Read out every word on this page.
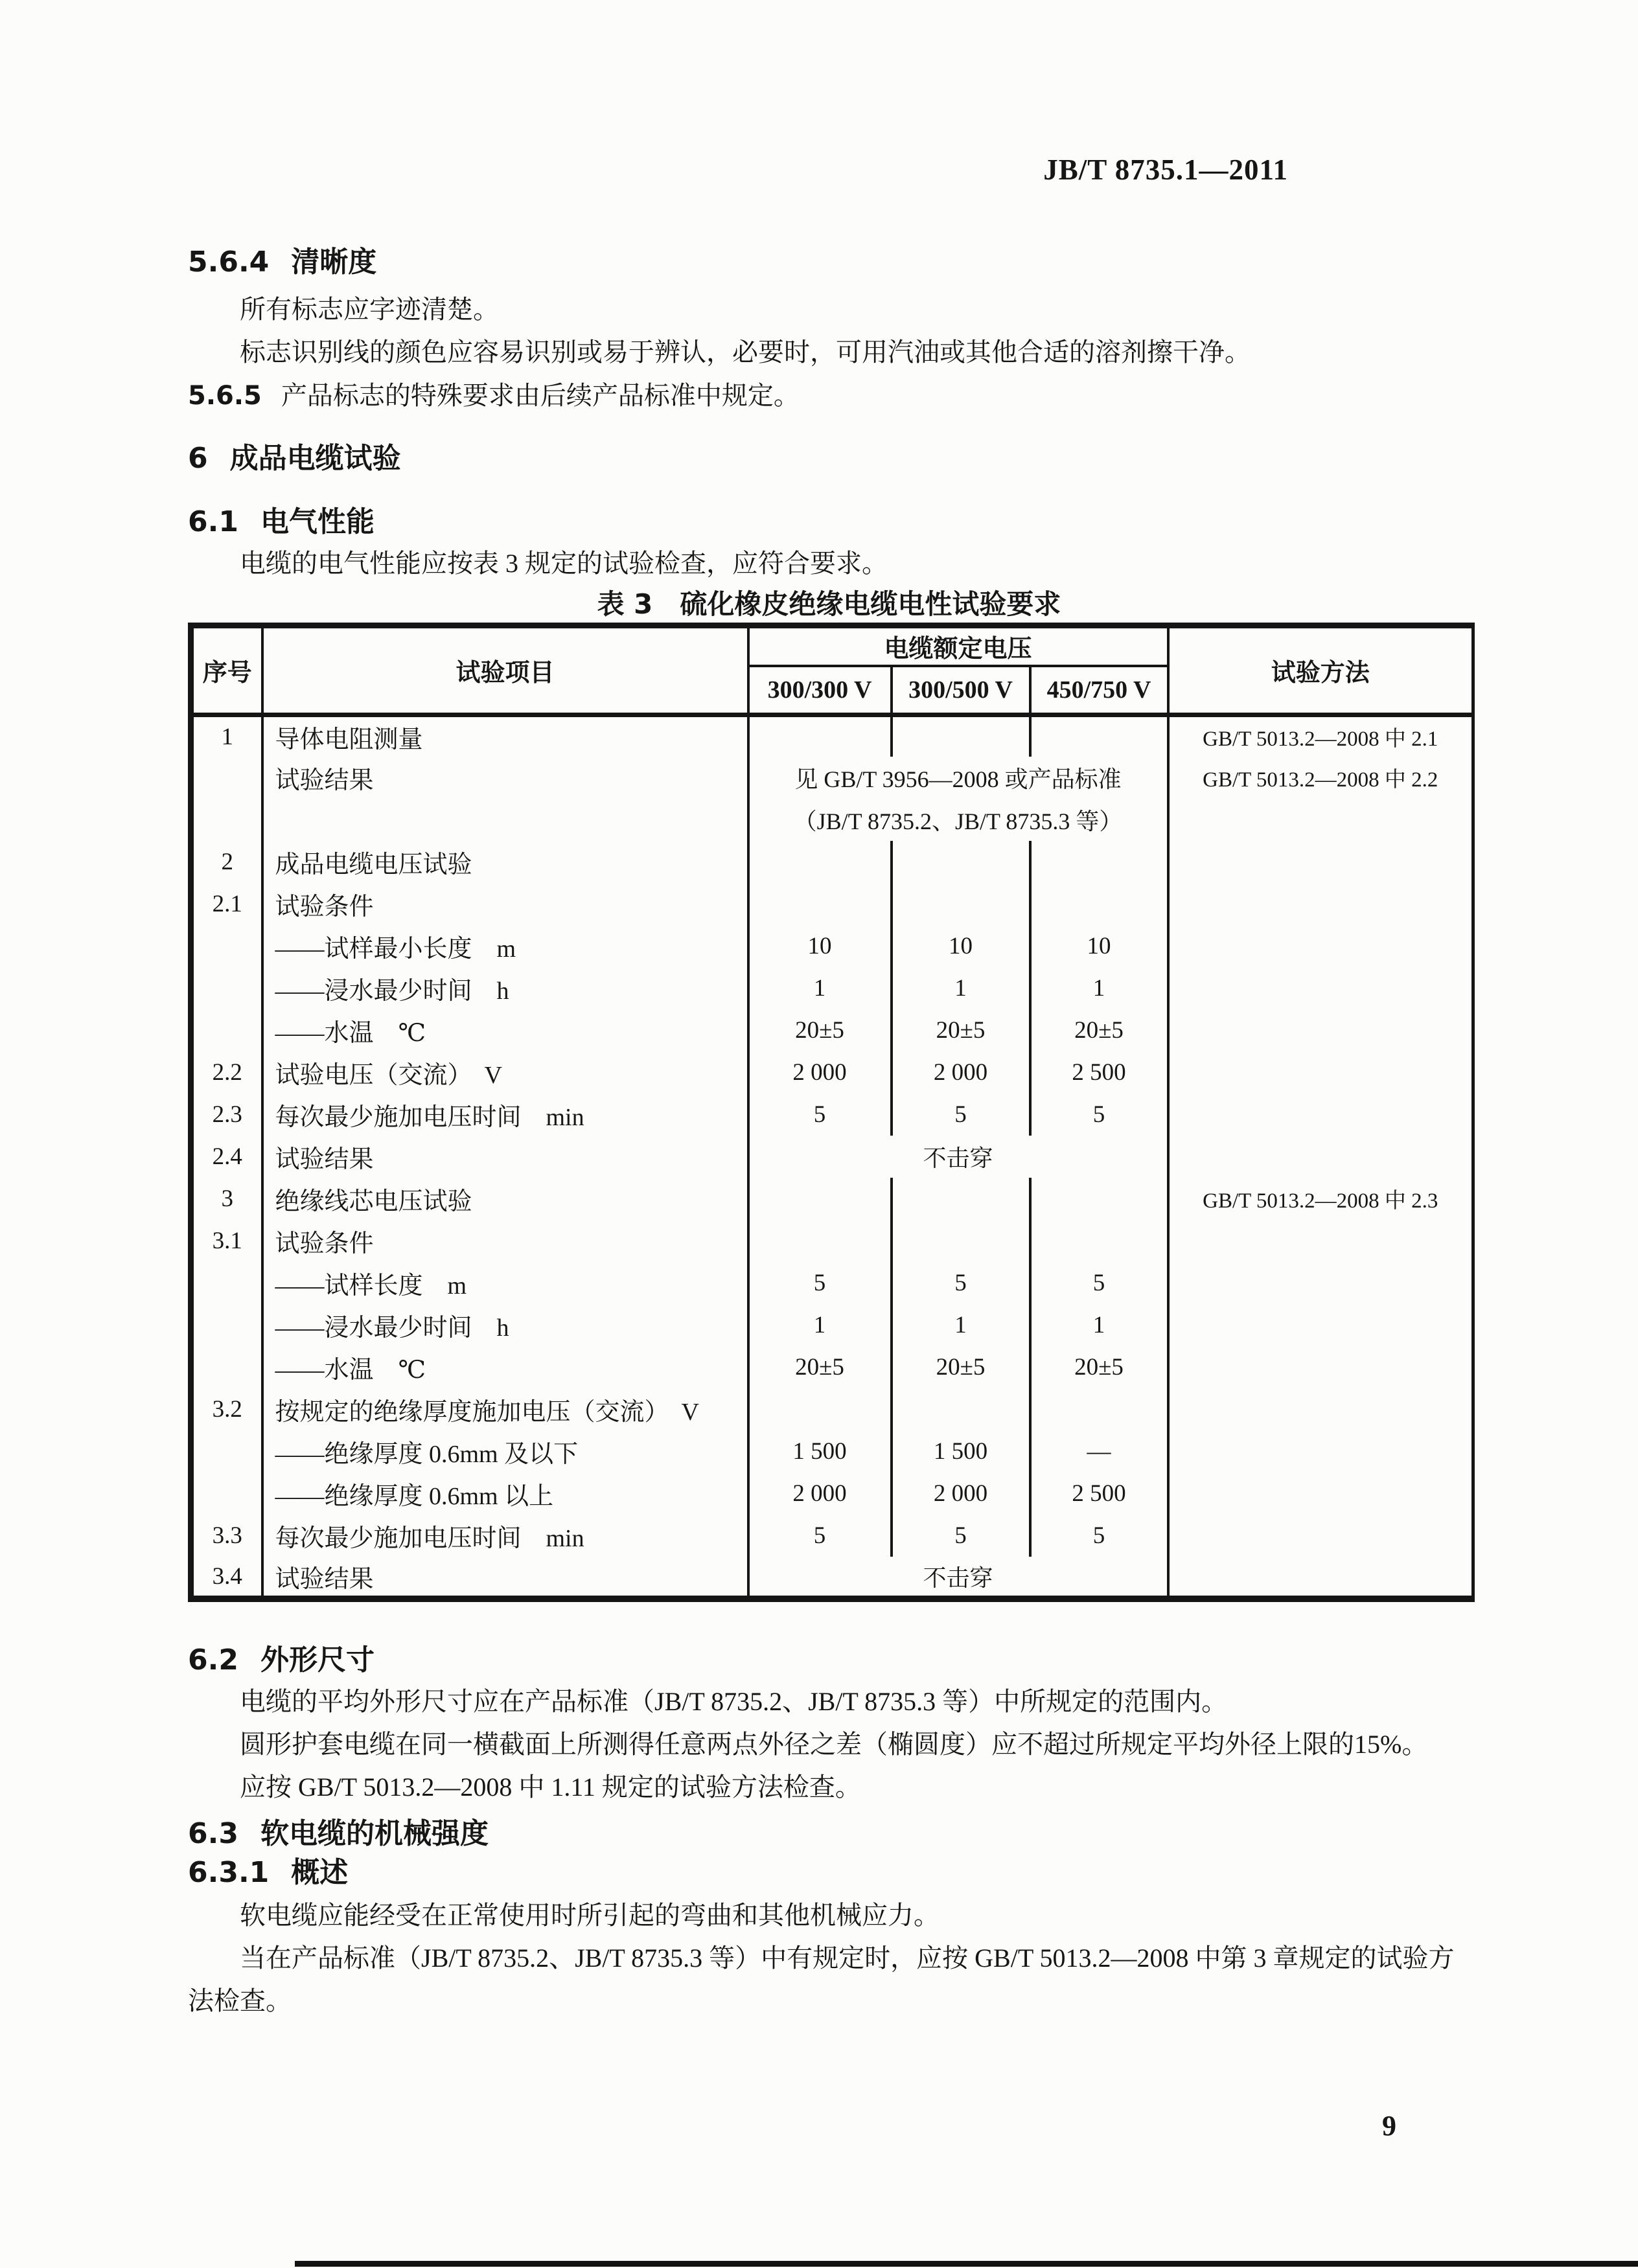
JB/T 8735.1—2011
5.6.4 清晰度

所有标志应字迹清楚。

标志识别线的颜色应容易识别或易于辨认，必要时，可用汽油或其他合适的溶剂擦干净。

5.6.5 产品标志的特殊要求由后续产品标准中规定。

6 成品电缆试验
6.1 电气性能

电缆的电气性能应按表 3 规定的试验检查，应符合要求。

表 3　硫化橡皮绝缘电缆电性试验要求

序号	试验项目	电缆额定电压			试验方法
		300/300 V	300/500 V	450/750 V	
1	导体电阻测量				GB/T 5013.2—2008 中 2.1
	试验结果	见 GB/T 3956—2008 或产品标准			GB/T 5013.2—2008 中 2.2
		（JB/T 8735.2、JB/T 8735.3 等）			
2	成品电缆电压试验				
2.1	试验条件				
	——试样最小长度　m	10	10	10	
	——浸水最少时间　h	1	1	1	
	——水温　℃	20±5	20±5	20±5	
2.2	试验电压（交流）　V	2 000	2 000	2 500	
2.3	每次最少施加电压时间　min	5	5	5	
2.4	试验结果	不击穿			
3	绝缘线芯电压试验				GB/T 5013.2—2008 中 2.3
3.1	试验条件				
	——试样长度　m	5	5	5	
	——浸水最少时间　h	1	1	1	
	——水温　℃	20±5	20±5	20±5	
3.2	按规定的绝缘厚度施加电压（交流）　V				
	——绝缘厚度 0.6mm 及以下	1 500	1 500	—	
	——绝缘厚度 0.6mm 以上	2 000	2 000	2 500	
3.3	每次最少施加电压时间　min	5	5	5	
3.4	试验结果	不击穿			
6.2 外形尺寸

电缆的平均外形尺寸应在产品标准（JB/T 8735.2、JB/T 8735.3 等）中所规定的范围内。

圆形护套电缆在同一横截面上所测得任意两点外径之差（椭圆度）应不超过所规定平均外径上限的15%。

应按 GB/T 5013.2—2008 中 1.11 规定的试验方法检查。

6.3 软电缆的机械强度
6.3.1 概述

软电缆应能经受在正常使用时所引起的弯曲和其他机械应力。

当在产品标准（JB/T 8735.2、JB/T 8735.3 等）中有规定时，应按 GB/T 5013.2—2008 中第 3 章规定的试验方法检查。

9
